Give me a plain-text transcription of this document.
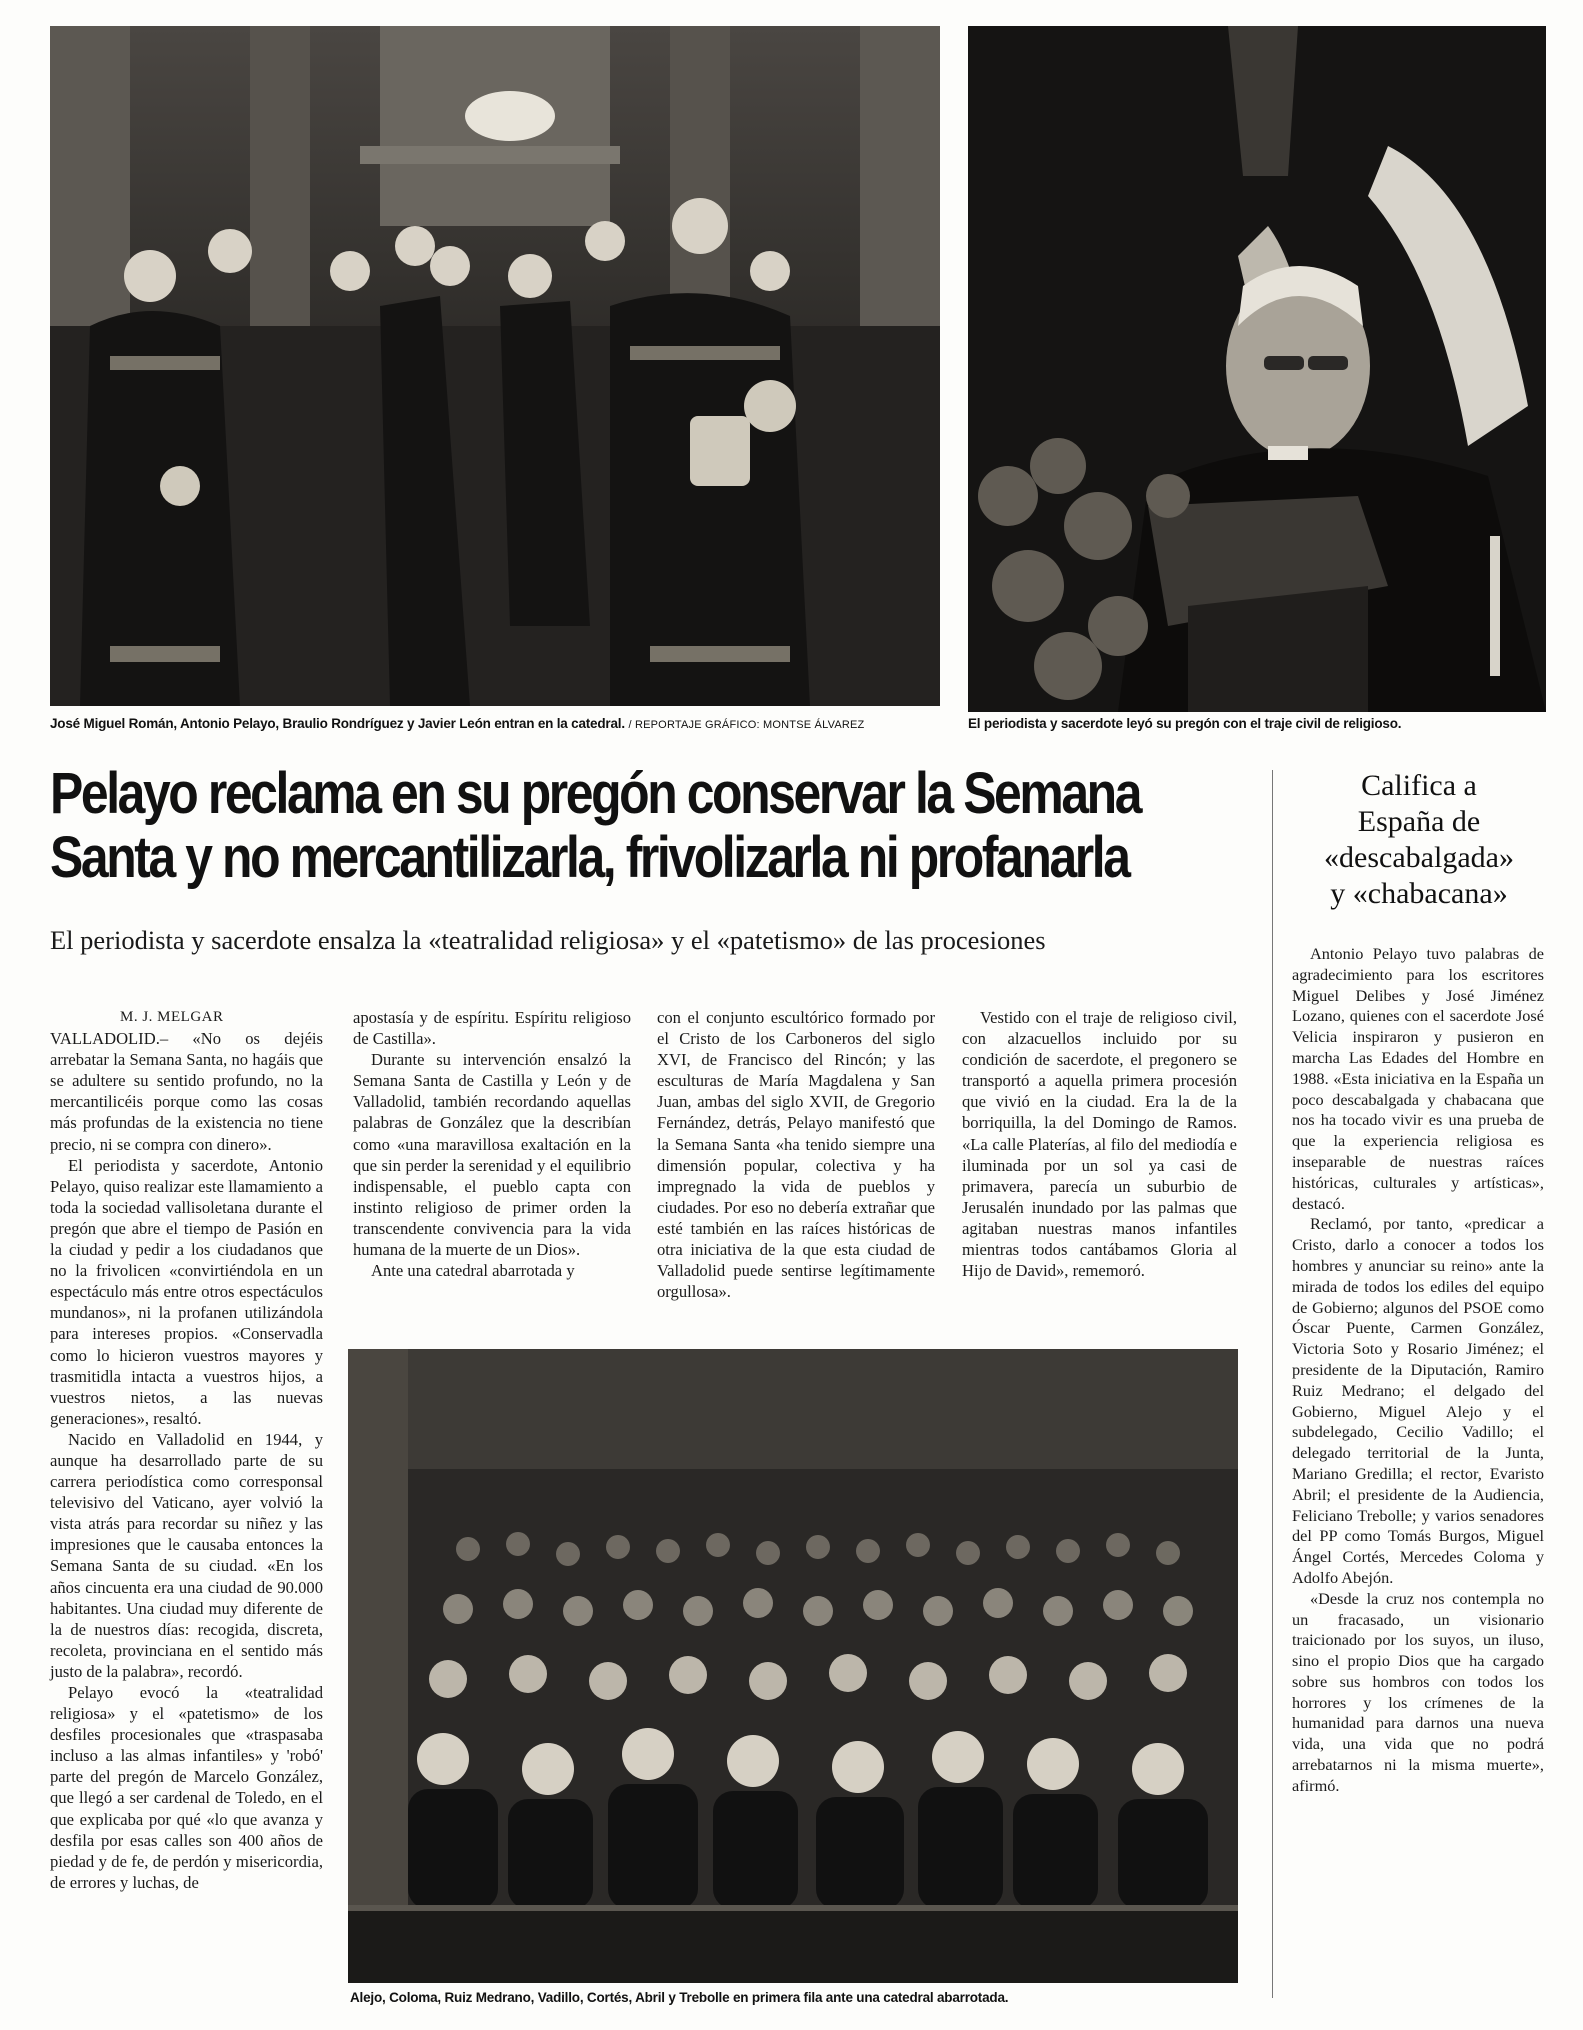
José Miguel Román, Antonio Pelayo, Braulio Rondríguez y Javier León entran en la catedral. / REPORTAJE GRÁFICO: MONTSE ÁLVAREZ	El periodista y sacerdote leyó su pregón con el traje civil de religioso.
Pelayo reclama en su pregón conservar la Semana
Santa y no mercantilizarla, frivolizarla ni profanarla
El periodista y sacerdote ensalza la «teatralidad religiosa» y el «patetismo» de las procesiones

M. J. MELGAR

VALLADOLID.– «No os dejéis arrebatar la Semana Santa, no hagáis que se adultere su sentido profundo, no la mercantilicéis porque como las cosas más profundas de la existencia no tiene precio, ni se compra con dinero».

El periodista y sacerdote, Antonio Pelayo, quiso realizar este llamamiento a toda la sociedad vallisoletana durante el pregón que abre el tiempo de Pasión en la ciudad y pedir a los ciudadanos que no la frivolicen «convirtiéndola en un espectáculo más entre otros espectáculos mundanos», ni la profanen utilizándola para intereses propios. «Conservadla como lo hicieron vuestros mayores y trasmitidla intacta a vuestros hijos, a vuestros nietos, a las nuevas generaciones», resaltó.

Nacido en Valladolid en 1944, y aunque ha desarrollado parte de su carrera periodística como corresponsal televisivo del Vaticano, ayer volvió la vista atrás para recordar su niñez y las impresiones que le causaba entonces la Semana Santa de su ciudad. «En los años cincuenta era una ciudad de 90.000 habitantes. Una ciudad muy diferente de la de nuestros días: recogida, discreta, recoleta, provinciana en el sentido más justo de la palabra», recordó.

Pelayo evocó la «teatralidad religiosa» y el «patetismo» de los desfiles procesionales que «traspasaba incluso a las almas infantiles» y 'robó' parte del pregón de Marcelo González, que llegó a ser cardenal de Toledo, en el que explicaba por qué «lo que avanza y desfila por esas calles son 400 años de piedad y de fe, de perdón y misericordia, de errores y luchas, de

apostasía y de espíritu. Espíritu religioso de Castilla».

Durante su intervención ensalzó la Semana Santa de Castilla y León y de Valladolid, también recordando aquellas palabras de González que la describían como «una maravillosa exaltación en la que sin perder la serenidad y el equilibrio indispensable, el pueblo capta con instinto religioso de primer orden la transcendente convivencia para la vida humana de la muerte de un Dios».

Ante una catedral abarrotada y

con el conjunto escultórico formado por el Cristo de los Carboneros del siglo XVI, de Francisco del Rincón; y las esculturas de María Magdalena y San Juan, ambas del siglo XVII, de Gregorio Fernández, detrás, Pelayo manifestó que la Semana Santa «ha tenido siempre una dimensión popular, colectiva y ha impregnado la vida de pueblos y ciudades. Por eso no debería extrañar que esté también en las raíces históricas de otra iniciativa de la que esta ciudad de Valladolid puede sentirse legítimamente orgullosa».

Vestido con el traje de religioso civil, con alzacuellos incluido por su condición de sacerdote, el pregonero se transportó a aquella primera procesión que vivió en la ciudad. Era la de la borriquilla, la del Domingo de Ramos. «La calle Platerías, al filo del mediodía e iluminada por un sol ya casi de primavera, parecía un suburbio de Jerusalén inundado por las palmas que agitaban nuestras manos infantiles mientras todos cantábamos Gloria al Hijo de David», rememoró.

Alejo, Coloma, Ruiz Medrano, Vadillo, Cortés, Abril y Trebolle en primera fila ante una catedral abarrotada.
Califica a
España de
«descabalgada»
y «chabacana»

Antonio Pelayo tuvo palabras de agradecimiento para los escritores Miguel Delibes y José Jiménez Lozano, quienes con el sacerdote José Velicia inspiraron y pusieron en marcha Las Edades del Hombre en 1988. «Esta iniciativa en la España un poco descabalgada y chabacana que nos ha tocado vivir es una prueba de que la experiencia religiosa es inseparable de nuestras raíces históricas, culturales y artísticas», destacó.

Reclamó, por tanto, «predicar a Cristo, darlo a conocer a todos los hombres y anunciar su reino» ante la mirada de todos los ediles del equipo de Gobierno; algunos del PSOE como Óscar Puente, Carmen González, Victoria Soto y Rosario Jiménez; el presidente de la Diputación, Ramiro Ruiz Medrano; el delgado del Gobierno, Miguel Alejo y el subdelegado, Cecilio Vadillo; el delegado territorial de la Junta, Mariano Gredilla; el rector, Evaristo Abril; el presidente de la Audiencia, Feliciano Trebolle; y varios senadores del PP como Tomás Burgos, Miguel Ángel Cortés, Mercedes Coloma y Adolfo Abejón.

«Desde la cruz nos contempla no un fracasado, un visionario traicionado por los suyos, un iluso, sino el propio Dios que ha cargado sobre sus hombros con todos los horrores y los crímenes de la humanidad para darnos una nueva vida, una vida que no podrá arrebatarnos ni la misma muerte», afirmó.
